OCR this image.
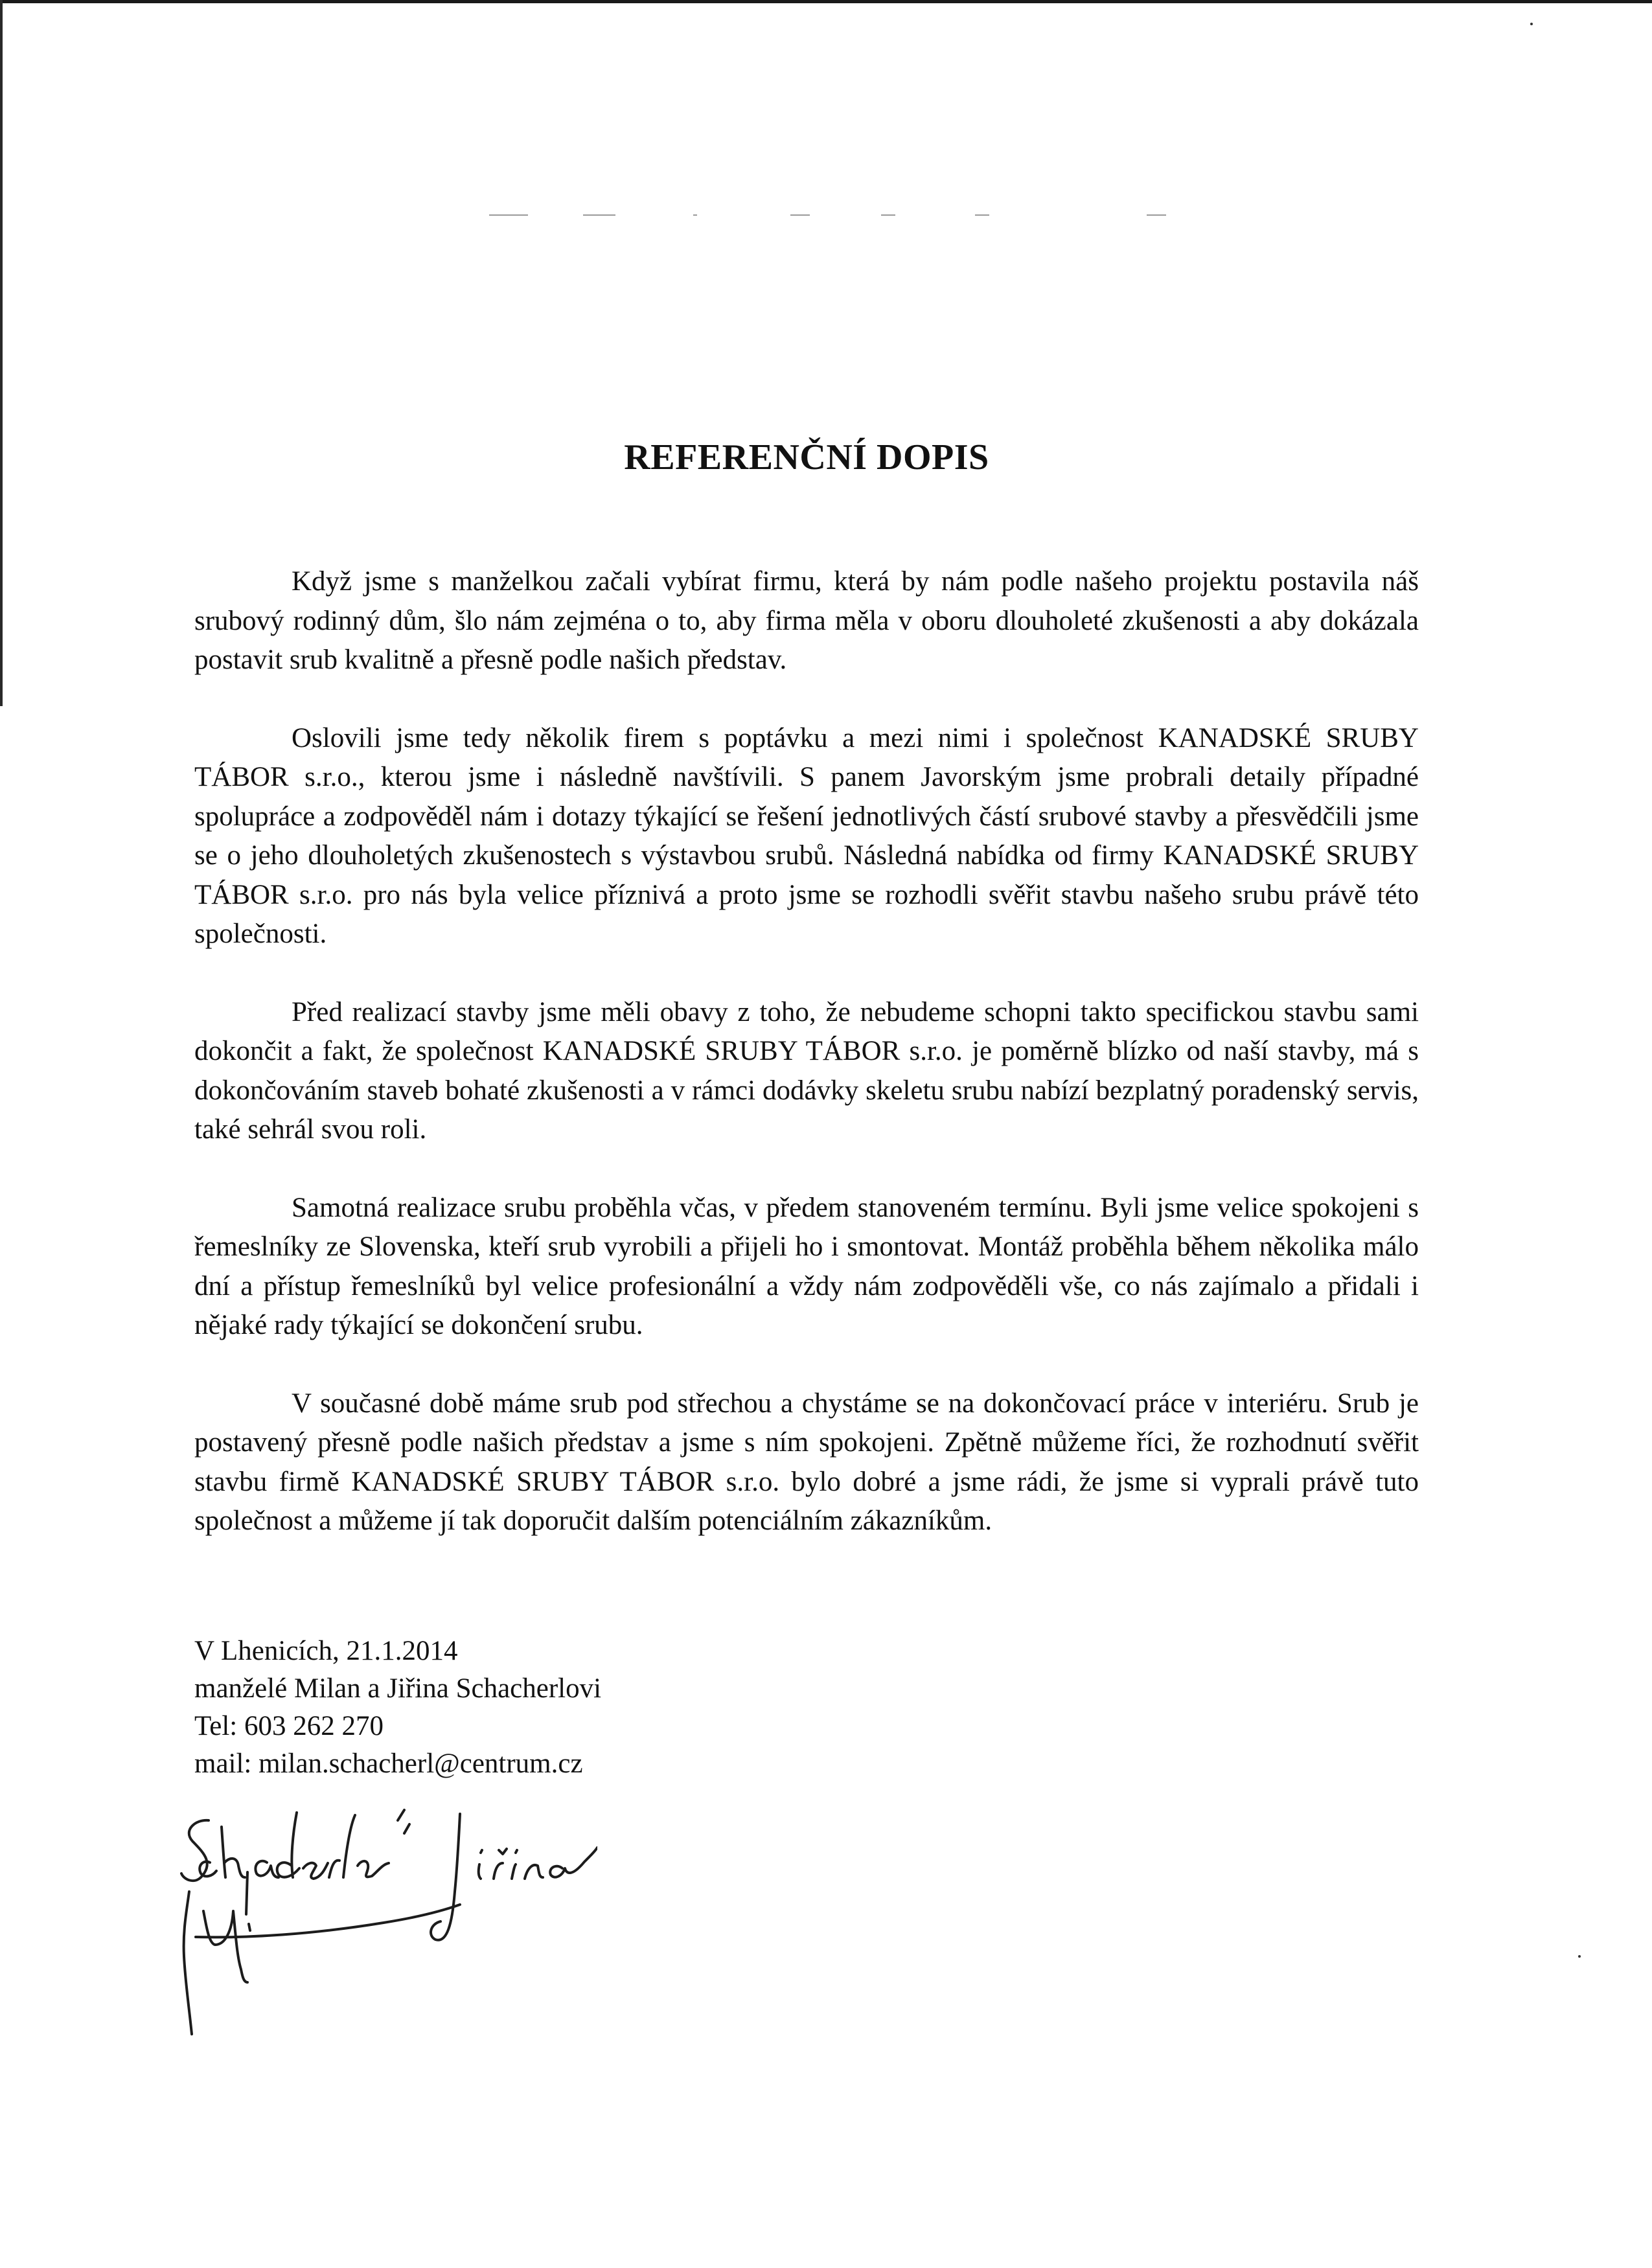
REFERENČNÍ DOPIS

Když jsme s manželkou začali vybírat firmu, která by nám podle našeho projektu postavila náš srubový rodinný dům, šlo nám zejména o to, aby firma měla v oboru dlouholeté zkušenosti a aby dokázala postavit srub kvalitně a přesně podle našich představ.

Oslovili jsme tedy několik firem s poptávku a mezi nimi i společnost KANADSKÉ SRUBY TÁBOR s.r.o., kterou jsme i následně navštívili. S panem Javorským jsme probrali detaily případné spolupráce a zodpověděl nám i dotazy týkající se řešení jednotlivých částí srubové stavby a přesvědčili jsme se o jeho dlouholetých zkušenostech s výstavbou srubů. Následná nabídka od firmy KANADSKÉ SRUBY TÁBOR s.r.o. pro nás byla velice příznivá a proto jsme se rozhodli svěřit stavbu našeho srubu právě této společnosti.

Před realizací stavby jsme měli obavy z toho, že nebudeme schopni takto specifickou stavbu sami dokončit a fakt, že společnost KANADSKÉ SRUBY TÁBOR s.r.o. je poměrně blízko od naší stavby, má s dokončováním staveb bohaté zkušenosti a v rámci dodávky skeletu srubu nabízí bezplatný poradenský servis, také sehrál svou roli.

Samotná realizace srubu proběhla včas, v předem stanoveném termínu. Byli jsme velice spokojeni s řemeslníky ze Slovenska, kteří srub vyrobili a přijeli ho i smontovat. Montáž proběhla během několika málo dní a přístup řemeslníků byl velice profesionální a vždy nám zodpověděli vše, co nás zajímalo a přidali i nějaké rady týkající se dokončení srubu.

V současné době máme srub pod střechou a chystáme se na dokončovací práce v interiéru. Srub je postavený přesně podle našich představ a jsme s ním spokojeni. Zpětně můžeme říci, že rozhodnutí svěřit stavbu firmě KANADSKÉ SRUBY TÁBOR s.r.o. bylo dobré a jsme rádi, že jsme si vyprali právě tuto společnost a můžeme jí tak doporučit dalším potenciálním zákazníkům.

V Lhenicích, 21.1.2014
manželé Milan a Jiřina Schacherlovi
Tel: 603 262 270
mail: milan.schacherl@centrum.cz
